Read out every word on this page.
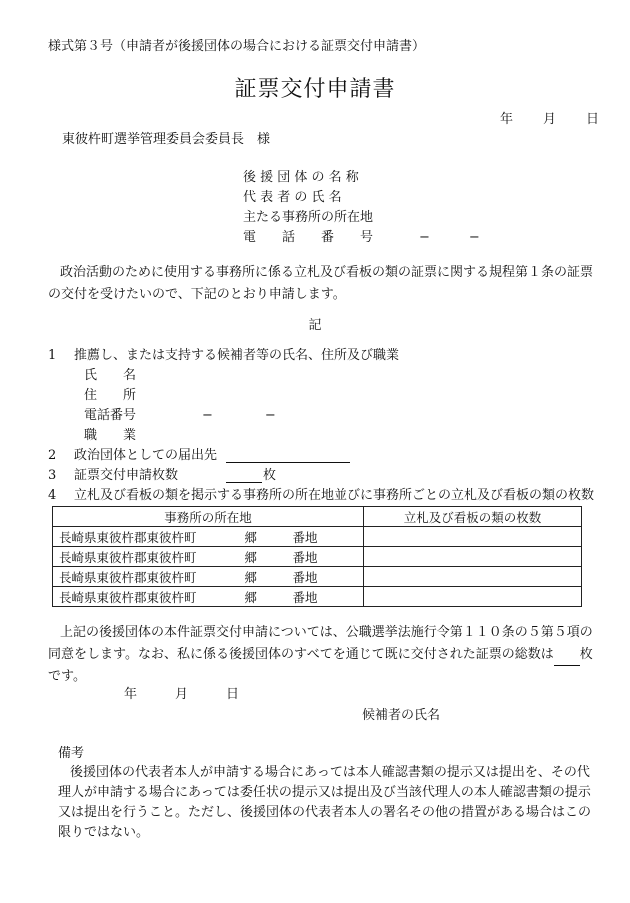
様式第３号（申請者が後援団体の場合における証票交付申請書）
証票交付申請書
年 月 日
東彼杵町選挙管理委員会委員長　様
後 援 団 体 の 名 称
代 表 者 の 氏 名
主たる事務所の所在地
電　　話　　番　　号	−　　　−
政治活動のために使用する事務所に係る立札及び看板の類の証票に関する規程第１条の証票の交付を受けたいので、下記のとおり申請します。
記
1 推薦し、または支持する候補者等の氏名、住所及び職業
氏　　名
住　　所
電話番号	−　　　　−
職　　業
2 政治団体としての届出先
3 証票交付申請枚数	枚
4 立札及び看板の類を掲示する事務所の所在地並びに事務所ごとの立札及び看板の類の枚数
事務所の所在地	立札及び看板の類の枚数
長崎県東彼杵郡東彼杵町 郷 番地	
長崎県東彼杵郡東彼杵町 郷 番地	
長崎県東彼杵郡東彼杵町 郷 番地	
長崎県東彼杵郡東彼杵町 郷 番地	
上記の後援団体の本件証票交付申請については、公職選挙法施行令第１１０条の５第５項の同意をします。なお、私に係る後援団体のすべてを通じて既に交付された証票の総数は 枚です。
年	月	日
候補者の氏名
備考
後援団体の代表者本人が申請する場合にあっては本人確認書類の提示又は提出を、その代理人が申請する場合にあっては委任状の提示又は提出及び当該代理人の本人確認書類の提示又は提出を行うこと。ただし、後援団体の代表者本人の署名その他の措置がある場合はこの限りではない。
